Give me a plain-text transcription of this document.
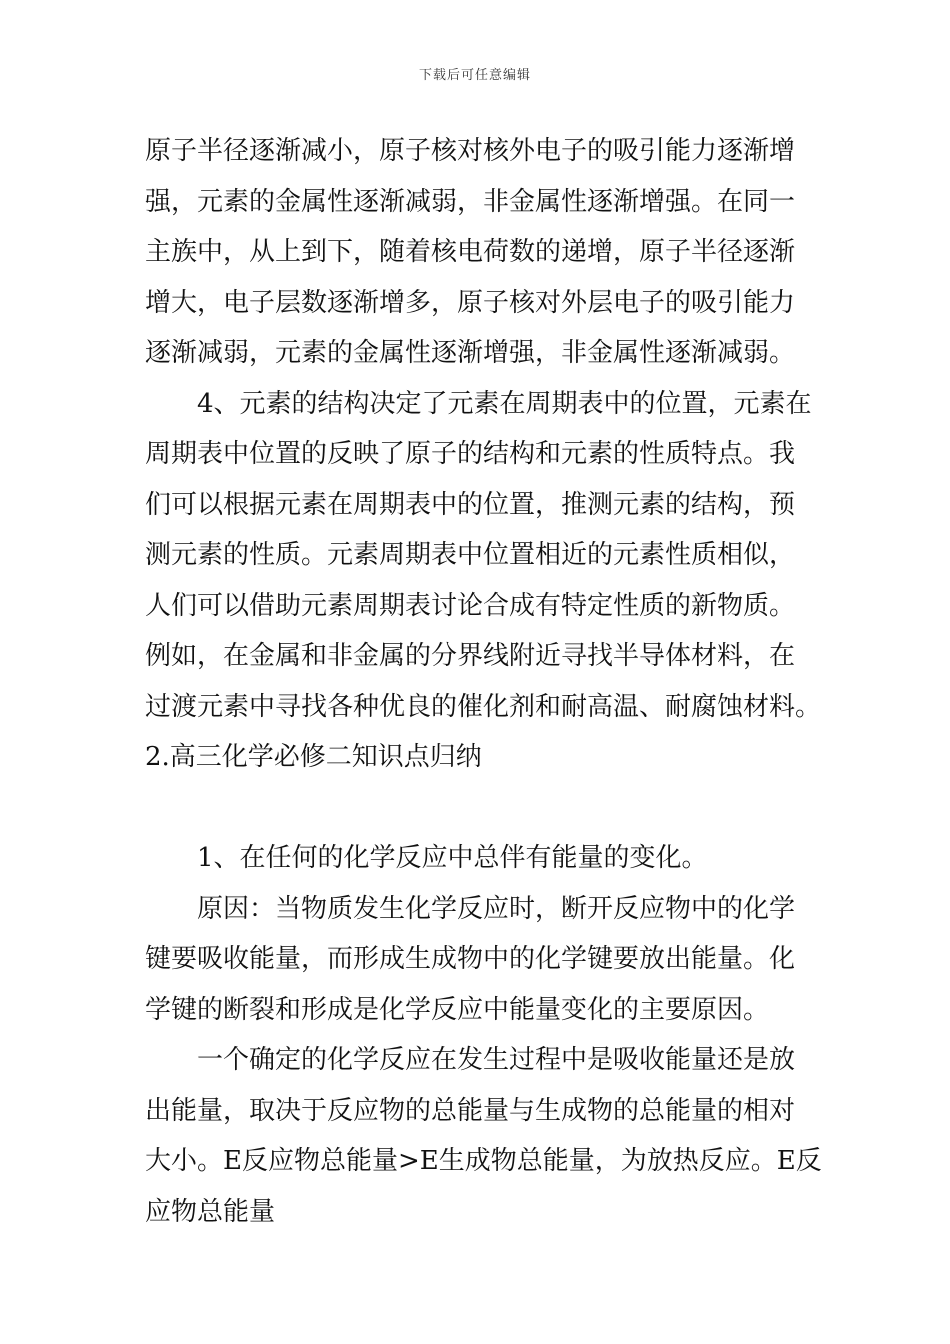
下载后可任意编辑
原子半径逐渐减小，原子核对核外电子的吸引能力逐渐增
强，元素的金属性逐渐减弱，非金属性逐渐增强。在同一
主族中，从上到下，随着核电荷数的递增，原子半径逐渐
增大，电子层数逐渐增多，原子核对外层电子的吸引能力
逐渐减弱，元素的金属性逐渐增强，非金属性逐渐减弱。
4、元素的结构决定了元素在周期表中的位置，元素在
周期表中位置的反映了原子的结构和元素的性质特点。我
们可以根据元素在周期表中的位置，推测元素的结构，预
测元素的性质。元素周期表中位置相近的元素性质相似，
人们可以借助元素周期表讨论合成有特定性质的新物质。
例如，在金属和非金属的分界线附近寻找半导体材料，在
过渡元素中寻找各种优良的催化剂和耐高温、耐腐蚀材料。
2.高三化学必修二知识点归纳
1、在任何的化学反应中总伴有能量的变化。
原因：当物质发生化学反应时，断开反应物中的化学
键要吸收能量，而形成生成物中的化学键要放出能量。化
学键的断裂和形成是化学反应中能量变化的主要原因。
一个确定的化学反应在发生过程中是吸收能量还是放
出能量，取决于反应物的总能量与生成物的总能量的相对
大小。E反应物总能量>E生成物总能量，为放热反应。E反
应物总能量
